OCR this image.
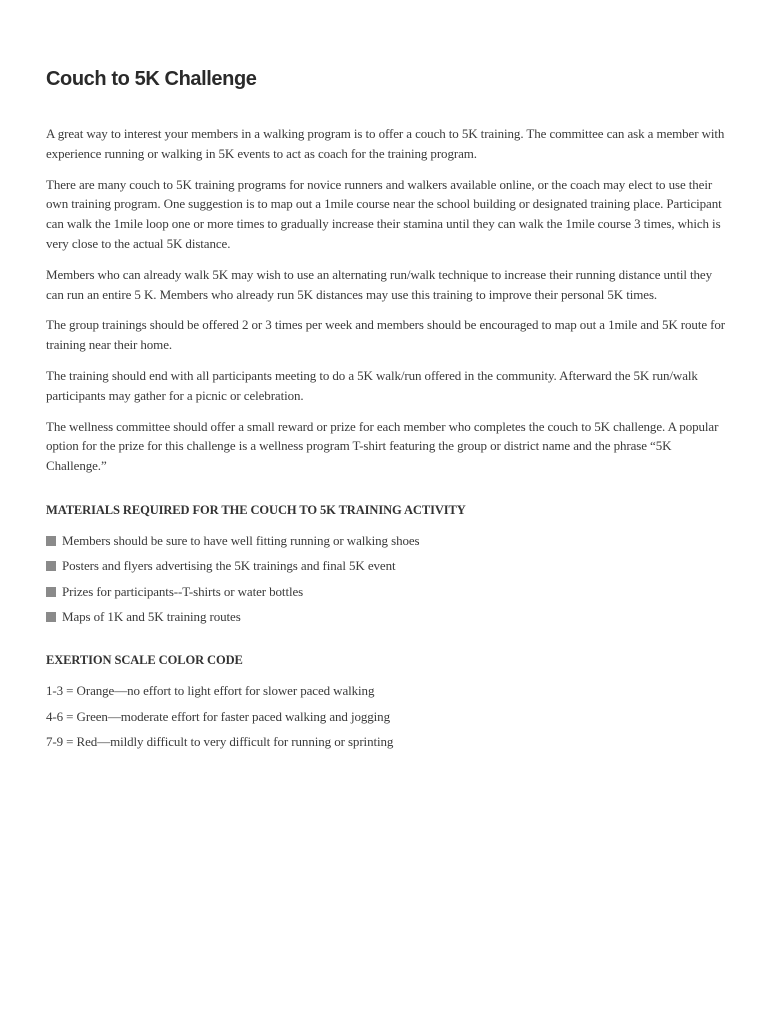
Couch to 5K Challenge

A great way to interest your members in a walking program is to offer a couch to 5K training. The committee can ask a member with experience running or walking in 5K events to act as coach for the training program.

There are many couch to 5K training programs for novice runners and walkers available online, or the coach may elect to use their own training program. One suggestion is to map out a 1mile course near the school building or designated training place. Participant can walk the 1mile loop one or more times to gradually increase their stamina until they can walk the 1mile course 3 times, which is very close to the actual 5K distance.

Members who can already walk 5K may wish to use an alternating run/walk technique to increase their running distance until they can run an entire 5 K. Members who already run 5K distances may use this training to improve their personal 5K times.

The group trainings should be offered 2 or 3 times per week and members should be encouraged to map out a 1mile and 5K route for training near their home.

The training should end with all participants meeting to do a 5K walk/run offered in the community. Afterward the 5K run/walk participants may gather for a picnic or celebration.

The wellness committee should offer a small reward or prize for each member who completes the couch to 5K challenge. A popular option for the prize for this challenge is a wellness program T-shirt featuring the group or district name and the phrase “5K Challenge.”

MATERIALS REQUIRED FOR THE COUCH TO 5K TRAINING ACTIVITY
Members should be sure to have well fitting running or walking shoes
Posters and flyers advertising the 5K trainings and final 5K event
Prizes for participants--T-shirts or water bottles
Maps of 1K and 5K training routes
EXERTION SCALE COLOR CODE
1-3 = Orange—no effort to light effort for slower paced walking
4-6 = Green—moderate effort for faster paced walking and jogging
7-9 = Red—mildly difficult to very difficult for running or sprinting
